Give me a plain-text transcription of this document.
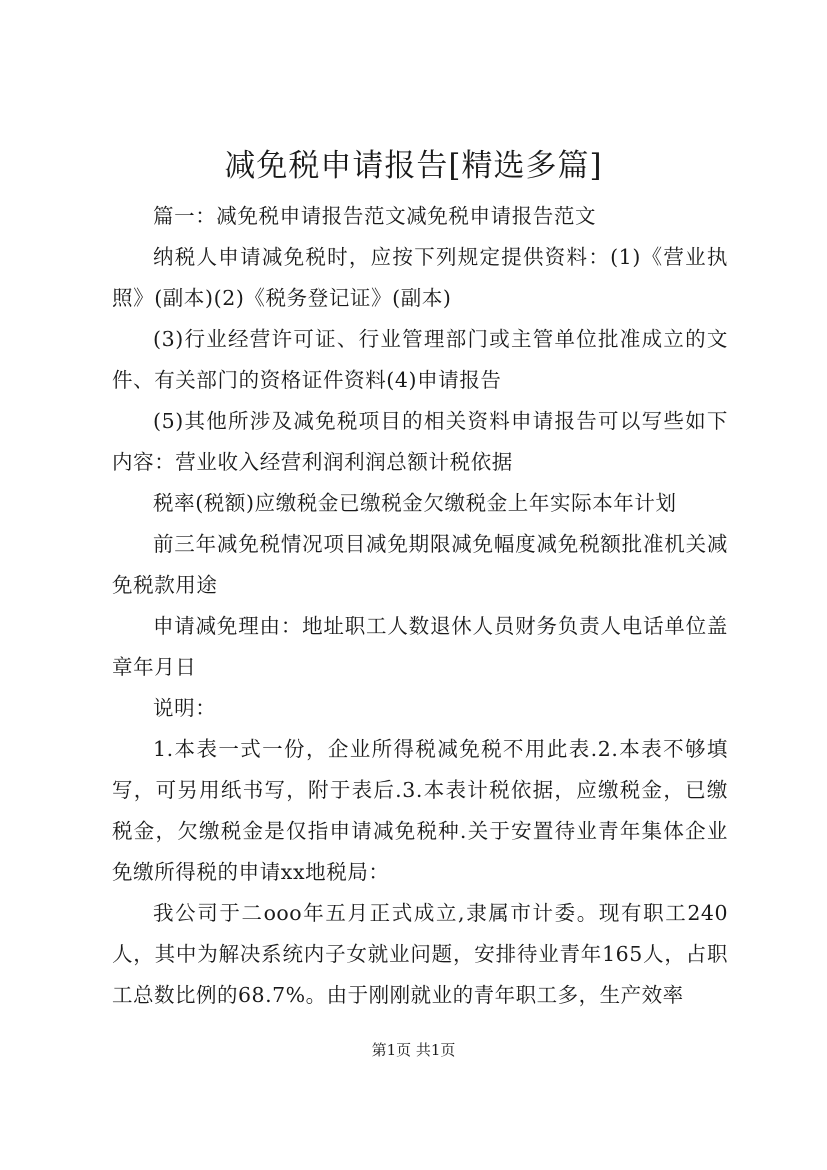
减免税申请报告[精选多篇]

篇一：减免税申请报告范文减免税申请报告范文

纳税人申请减免税时，应按下列规定提供资料：(1)《营业执照》(副本)(2)《税务登记证》(副本)

(3)行业经营许可证、行业管理部门或主管单位批准成立的文件、有关部门的资格证件资料(4)申请报告

(5)其他所涉及减免税项目的相关资料申请报告可以写些如下内容：营业收入经营利润利润总额计税依据

税率(税额)应缴税金已缴税金欠缴税金上年实际本年计划

前三年减免税情况项目减免期限减免幅度减免税额批准机关减免税款用途

申请减免理由：地址职工人数退休人员财务负责人电话单位盖章年月日

说明：

1.本表一式一份，企业所得税减免税不用此表.2.本表不够填写，可另用纸书写，附于表后.3.本表计税依据，应缴税金，已缴税金，欠缴税金是仅指申请减免税种.关于安置待业青年集体企业免缴所得税的申请xx地税局：

我公司于二ooo年五月正式成立,隶属市计委。现有职工240人，其中为解决系统内子女就业问题，安排待业青年165人，占职工总数比例的68.7%。由于刚刚就业的青年职工多，生产效率

第1页 共1页
